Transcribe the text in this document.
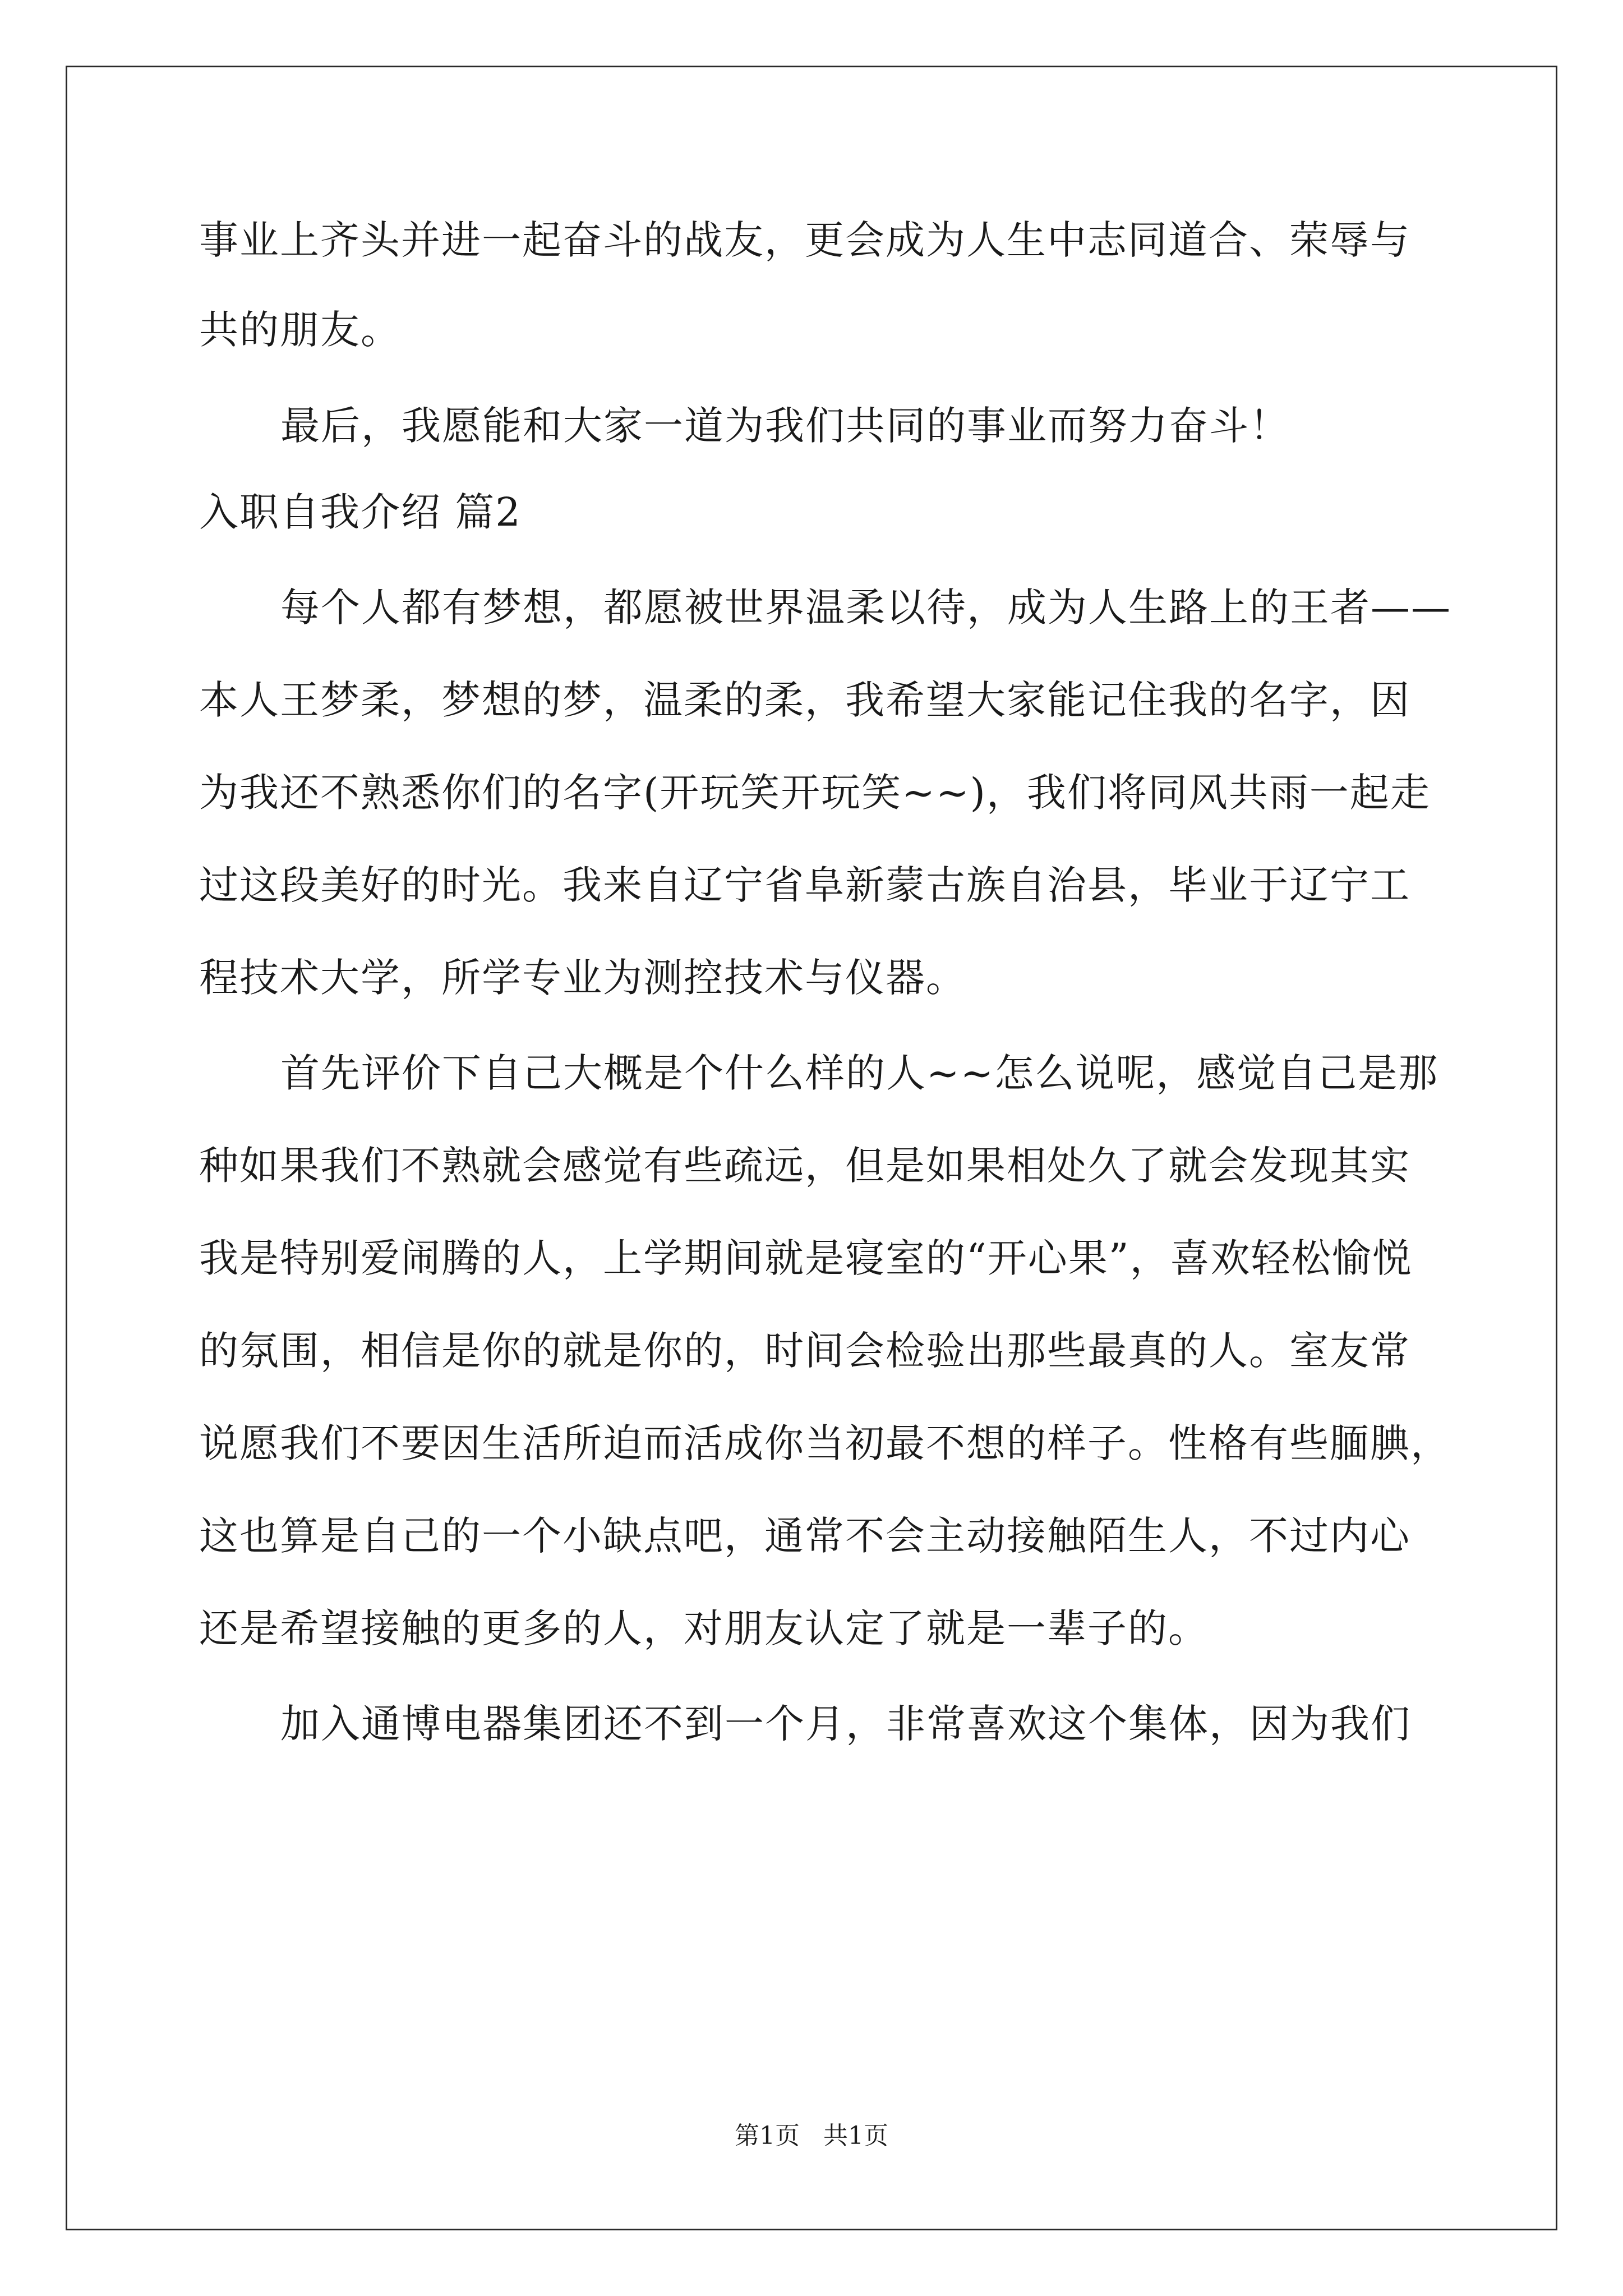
事业上齐头并进一起奋斗的战友，更会成为人生中志同道合、荣辱与
共的朋友。
最后，我愿能和大家一道为我们共同的事业而努力奋斗！
入职自我介绍 篇2
每个人都有梦想，都愿被世界温柔以待，成为人生路上的王者——
本人王梦柔，梦想的梦，温柔的柔，我希望大家能记住我的名字，因
为我还不熟悉你们的名字(开玩笑开玩笑~~)，我们将同风共雨一起走
过这段美好的时光。我来自辽宁省阜新蒙古族自治县，毕业于辽宁工
程技术大学，所学专业为测控技术与仪器。
首先评价下自己大概是个什么样的人~~怎么说呢，感觉自己是那
种如果我们不熟就会感觉有些疏远，但是如果相处久了就会发现其实
我是特别爱闹腾的人，上学期间就是寝室的“开心果”，喜欢轻松愉悦
的氛围，相信是你的就是你的，时间会检验出那些最真的人。室友常
说愿我们不要因生活所迫而活成你当初最不想的样子。性格有些腼腆，
这也算是自己的一个小缺点吧，通常不会主动接触陌生人，不过内心
还是希望接触的更多的人，对朋友认定了就是一辈子的。
加入通博电器集团还不到一个月，非常喜欢这个集体，因为我们
第1页 共1页
